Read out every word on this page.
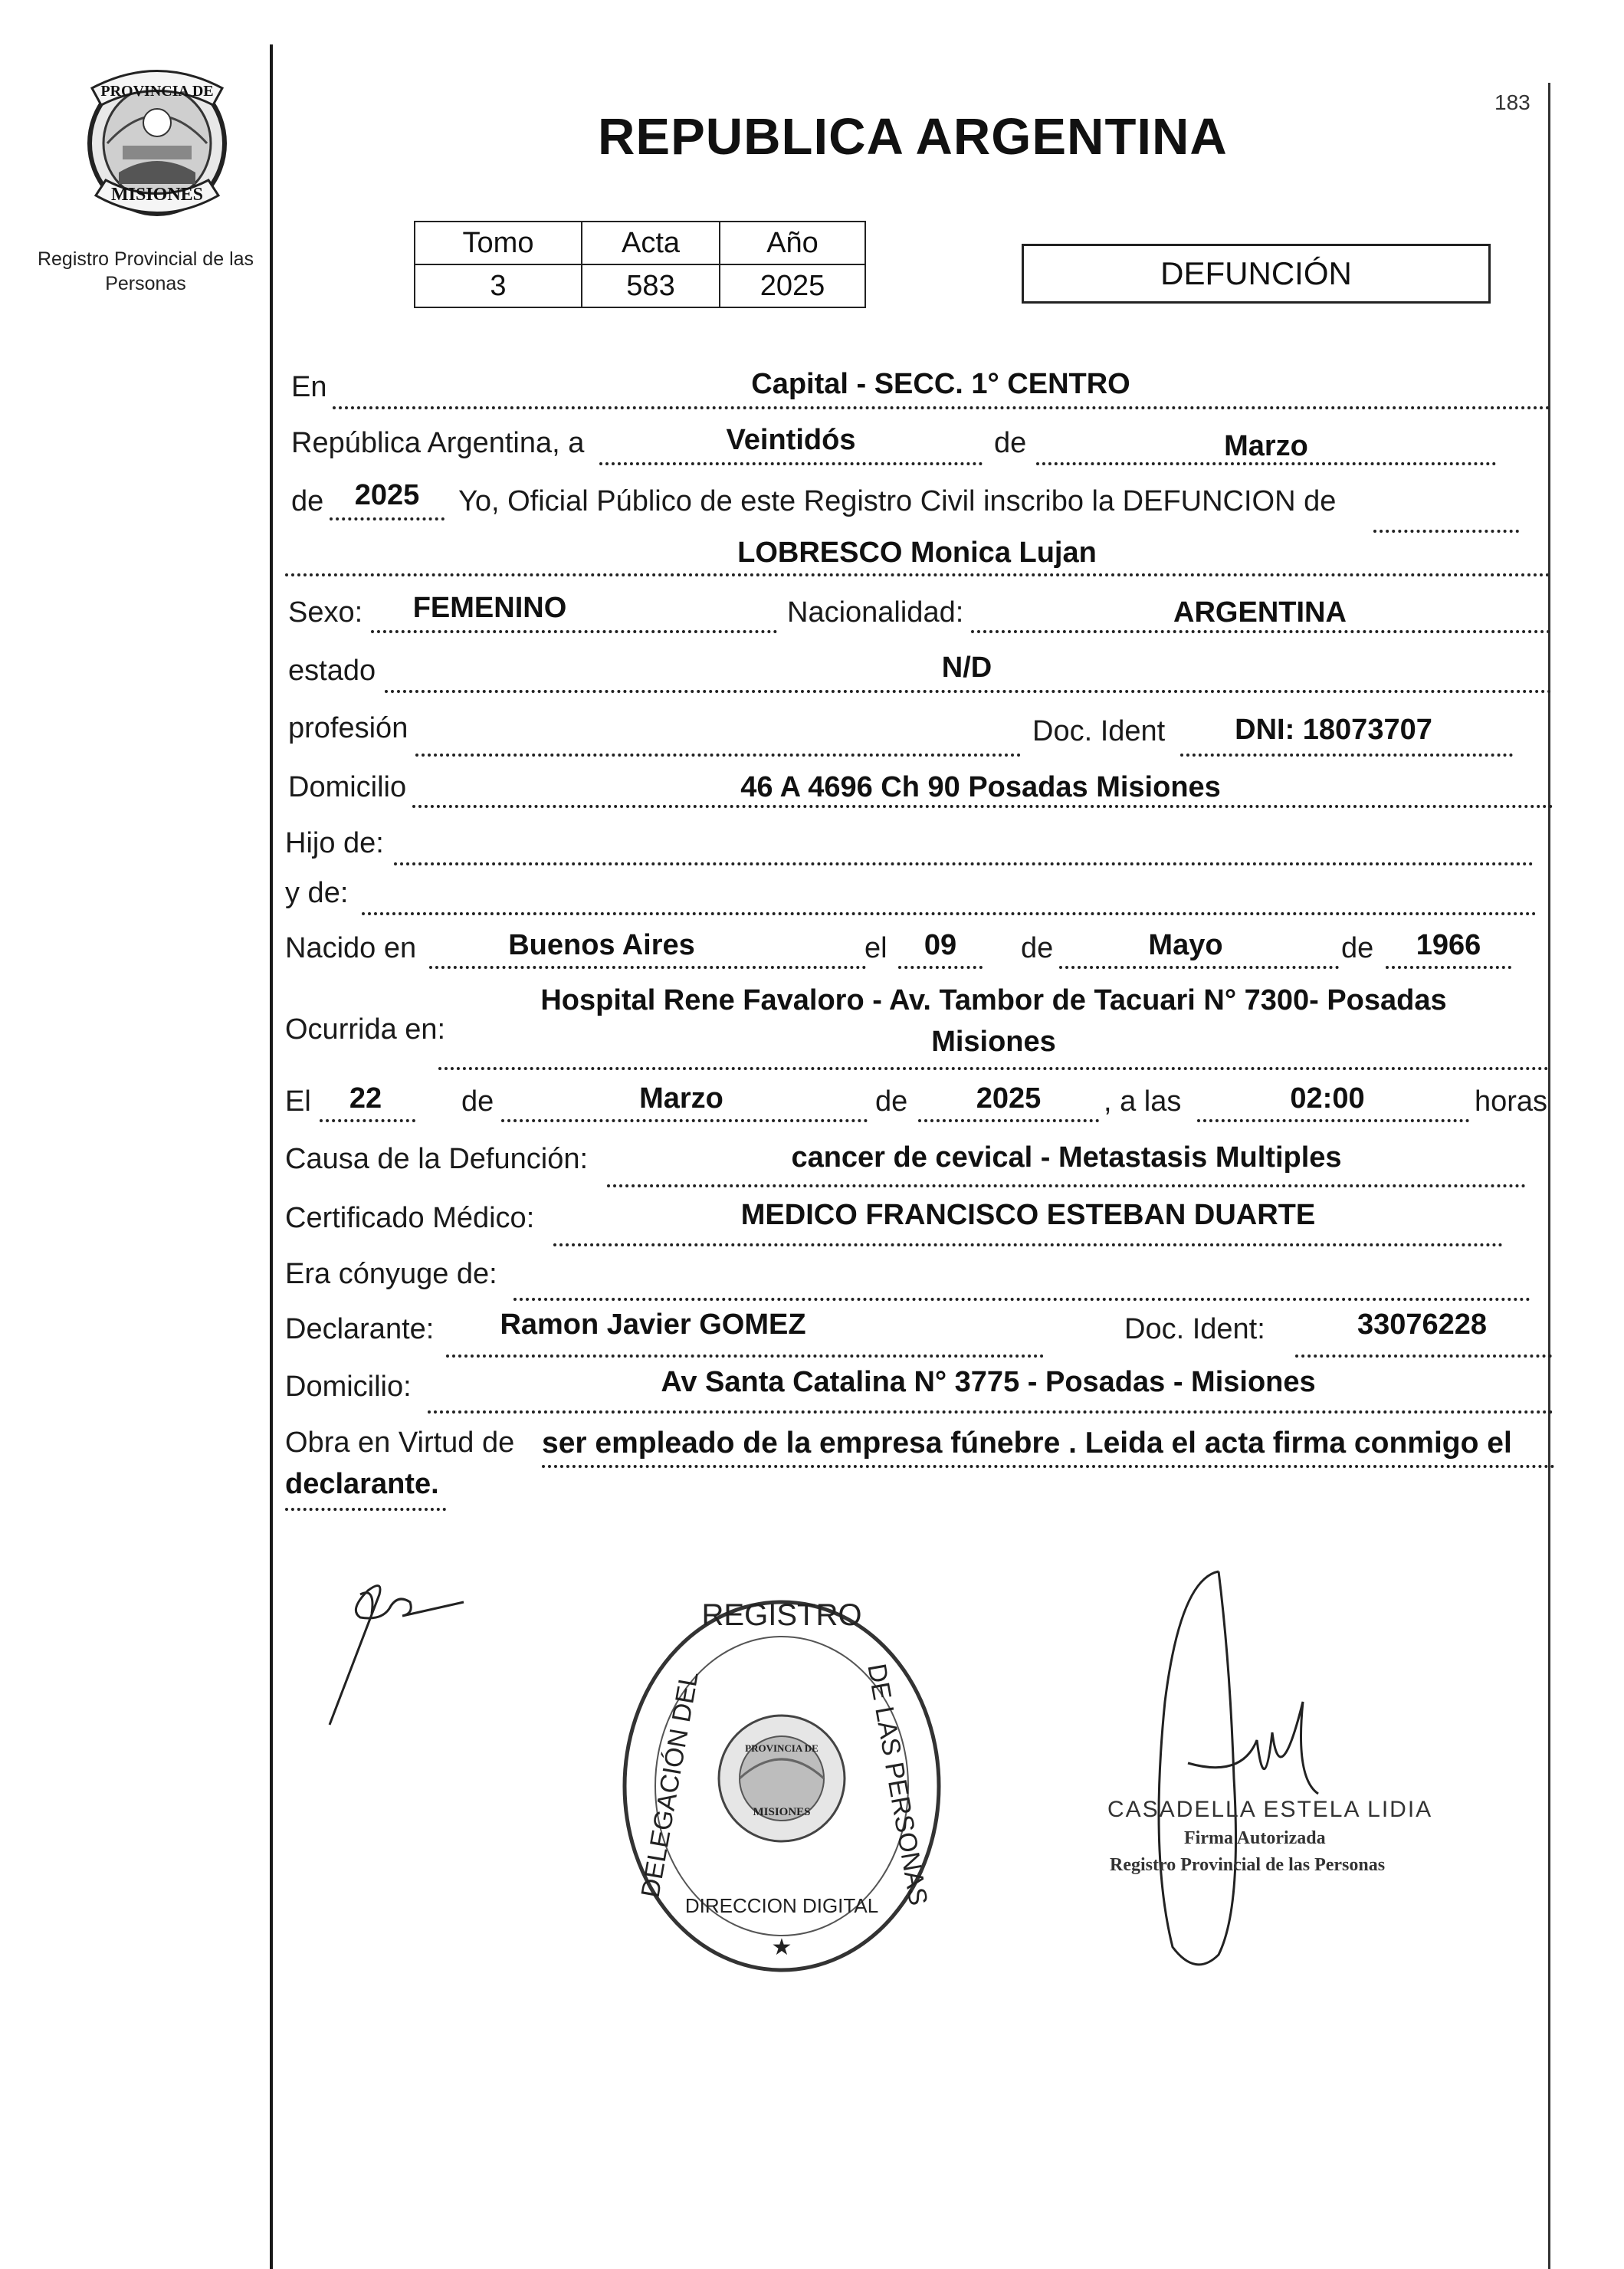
PROVINCIA DE
MISIONES
Registro Provincial de las Personas
183
REPUBLICA ARGENTINA
Tomo	Acta	Año
3	583	2025	DEFUNCIÓN
En	Capital - SECC. 1° CENTRO
República Argentina, a	Veintidós	de	Marzo
de	2025	Yo, Oficial Público de este Registro Civil inscribo la DEFUNCION de
LOBRESCO Monica Lujan
Sexo:	FEMENINO	Nacionalidad:	ARGENTINA
estado	N/D
profesión	Doc. Ident	DNI: 18073707
Domicilio	46 A 4696 Ch 90 Posadas Misiones
Hijo de:
y de:
Nacido en	Buenos Aires	el	09	de	Mayo	de	1966
Ocurrida en:
Hospital Rene Favaloro - Av. Tambor de Tacuari N° 7300- Posadas
Misiones
El	22	de	Marzo	de	2025	, a las	02:00	horas
Causa de la Defunción:	cancer de cevical - Metastasis Multiples
Certificado Médico:	MEDICO FRANCISCO ESTEBAN DUARTE
Era cónyuge de:
Declarante:	Ramon Javier GOMEZ	Doc. Ident:	33076228
Domicilio:	Av Santa Catalina N° 3775 - Posadas - Misiones
Obra en Virtud de ser empleado de la empresa fúnebre . Leida el acta firma conmigo el
declarante.
PROVINCIA DE
MISIONES
REGISTRO
DELEGACIÓN DEL	DE LAS PERSONAS
DIRECCION DIGITAL
★
CASADELLA ESTELA LIDIA
Firma Autorizada
Registro Provincial de las Personas
